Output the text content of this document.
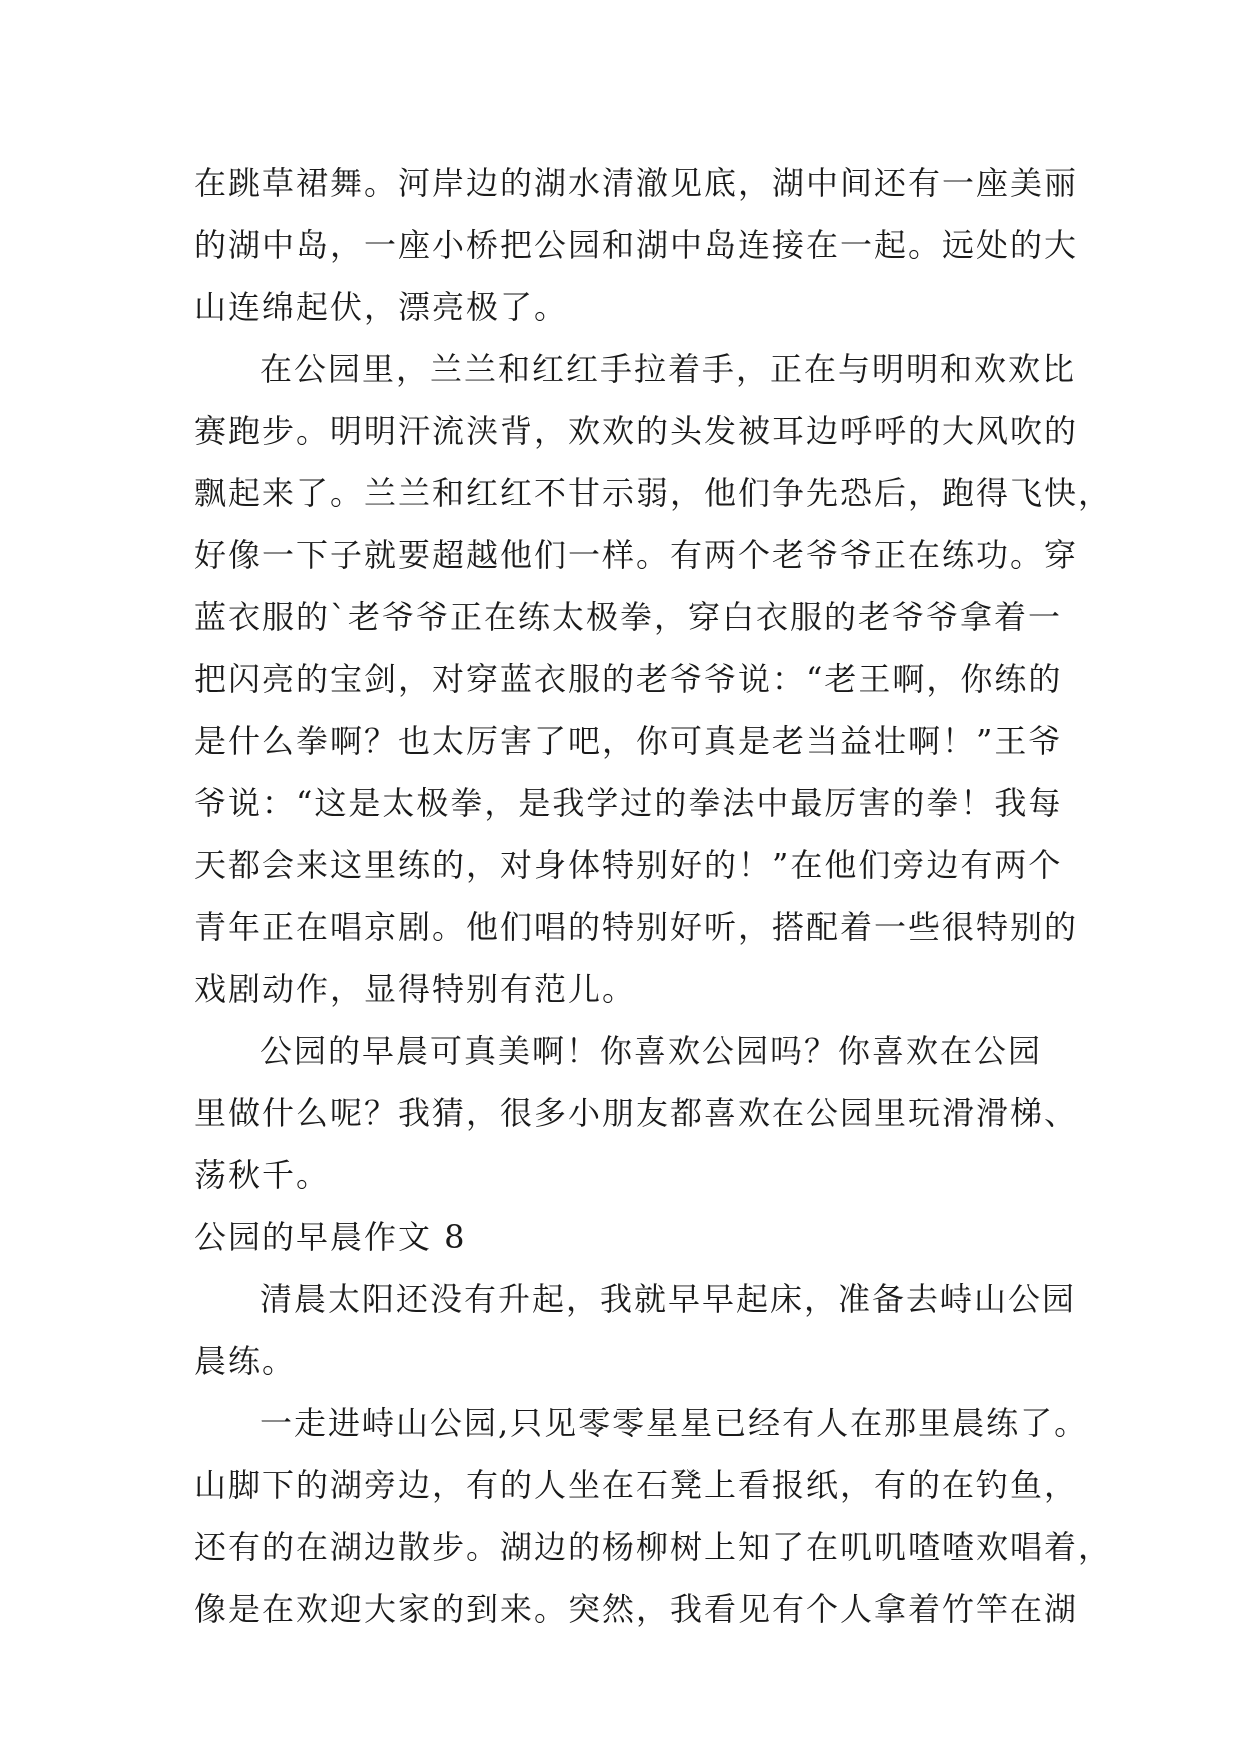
在跳草裙舞。河岸边的湖水清澈见底，湖中间还有一座美丽
的湖中岛，一座小桥把公园和湖中岛连接在一起。远处的大
山连绵起伏，漂亮极了。
在公园里，兰兰和红红手拉着手，正在与明明和欢欢比
赛跑步。明明汗流浃背，欢欢的头发被耳边呼呼的大风吹的
飘起来了。兰兰和红红不甘示弱，他们争先恐后，跑得飞快，
好像一下子就要超越他们一样。有两个老爷爷正在练功。穿
蓝衣服的`老爷爷正在练太极拳，穿白衣服的老爷爷拿着一
把闪亮的宝剑，对穿蓝衣服的老爷爷说：“老王啊，你练的
是什么拳啊？也太厉害了吧，你可真是老当益壮啊！”王爷
爷说：“这是太极拳，是我学过的拳法中最厉害的拳！我每
天都会来这里练的，对身体特别好的！”在他们旁边有两个
青年正在唱京剧。他们唱的特别好听，搭配着一些很特别的
戏剧动作，显得特别有范儿。
公园的早晨可真美啊！你喜欢公园吗？你喜欢在公园
里做什么呢？我猜，很多小朋友都喜欢在公园里玩滑滑梯、
荡秋千。
公园的早晨作文 8
清晨太阳还没有升起，我就早早起床，准备去峙山公园
晨练。
一走进峙山公园,只见零零星星已经有人在那里晨练了。
山脚下的湖旁边，有的人坐在石凳上看报纸，有的在钓鱼，
还有的在湖边散步。湖边的杨柳树上知了在叽叽喳喳欢唱着，
像是在欢迎大家的到来。突然，我看见有个人拿着竹竿在湖
